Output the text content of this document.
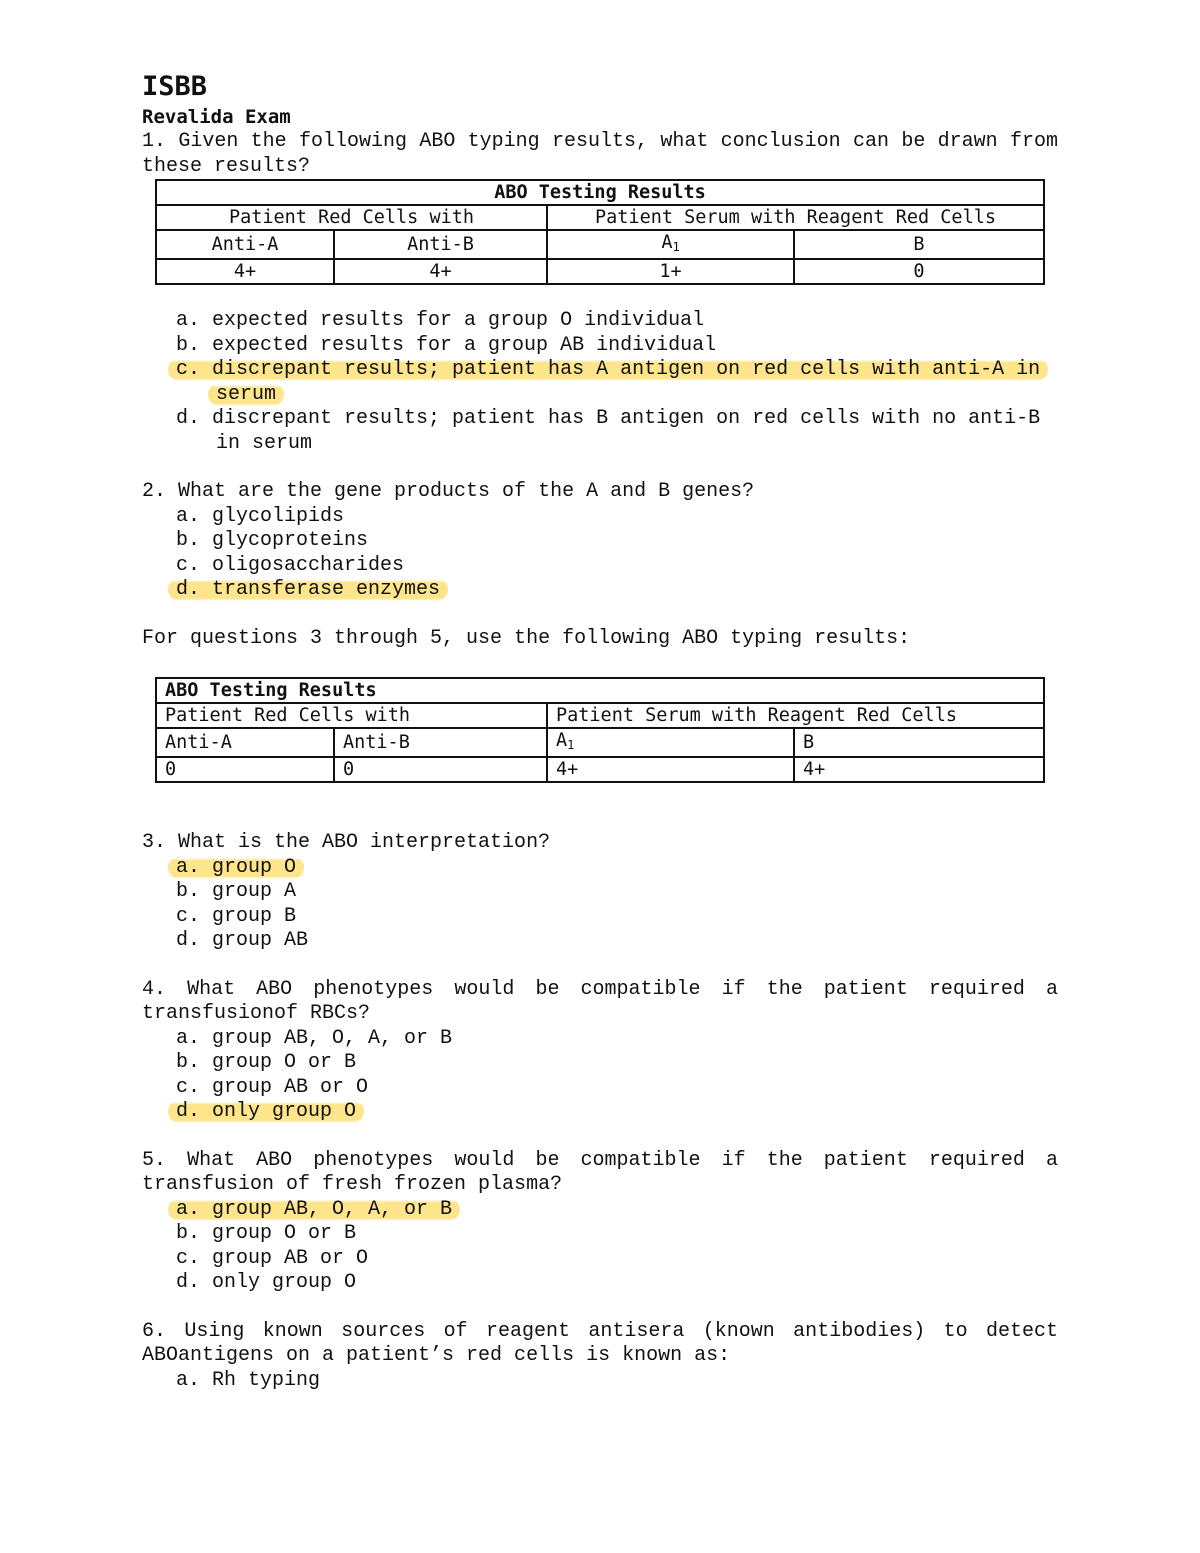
ISBB
Revalida Exam
1. Given the following ABO typing results, what conclusion can be drawn from these results?
ABO Testing Results			
Patient Red Cells with		Patient Serum with Reagent Red Cells	
Anti-A	Anti-B	A1	B
4+	4+	1+	0
a. expected results for a group O individual
b. expected results for a group AB individual
c. discrepant results; patient has A antigen on red cells with anti-A in serum
d. discrepant results; patient has B antigen on red cells with no anti-B in serum
2. What are the gene products of the A and B genes?
a. glycolipids
b. glycoproteins
c. oligosaccharides
d. transferase enzymes
For questions 3 through 5, use the following ABO typing results:
ABO Testing Results			
Patient Red Cells with		Patient Serum with Reagent Red Cells	
Anti-A	Anti-B	A1	B
0	0	4+	4+
3. What is the ABO interpretation?
a. group O
b. group A
c. group B
d. group AB
4. What ABO phenotypes would be compatible if the patient required a transfusionof RBCs?
a. group AB, O, A, or B
b. group O or B
c. group AB or O
d. only group O
5. What ABO phenotypes would be compatible if the patient required a transfusion of fresh frozen plasma?
a. group AB, O, A, or B
b. group O or B
c. group AB or O
d. only group O
6. Using known sources of reagent antisera (known antibodies) to detect ABOantigens on a patient’s red cells is known as:
a. Rh typing
